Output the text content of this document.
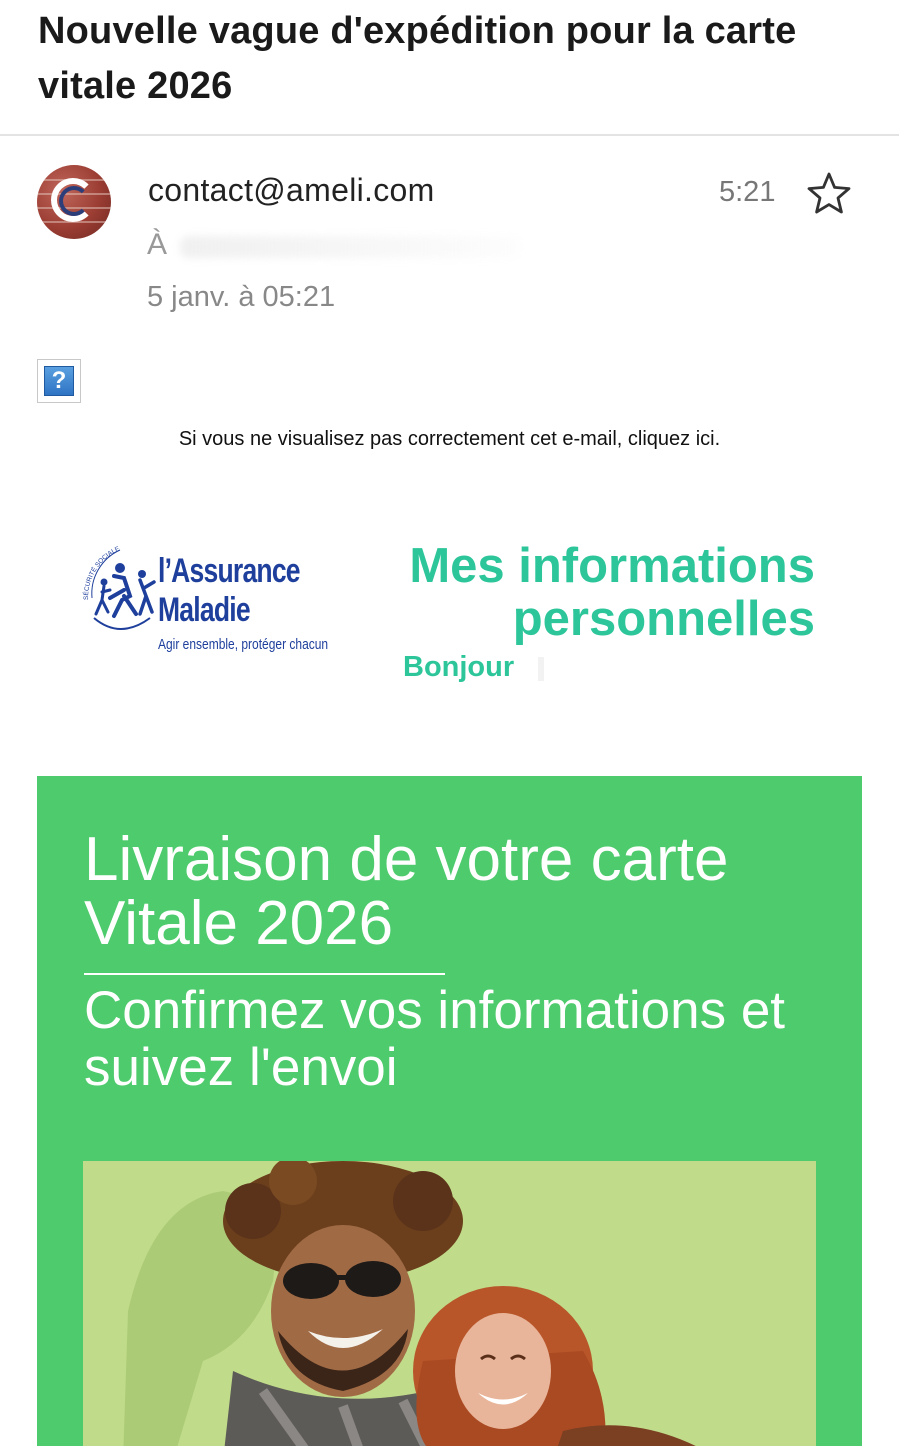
Nouvelle vague d'expédition pour la carte vitale 2026
contact@ameli.com	5:21
À
5 janv. à 05:21
?
Si vous ne visualisez pas correctement cet e-mail, cliquez ici.
SÉCURITÉ SOCIALE
l’Assurance
Maladie
Agir ensemble, protéger chacun
Mes informations personnelles
Bonjour
Livraison de votre carte Vitale 2026
Confirmez vos informations et suivez l'envoi
